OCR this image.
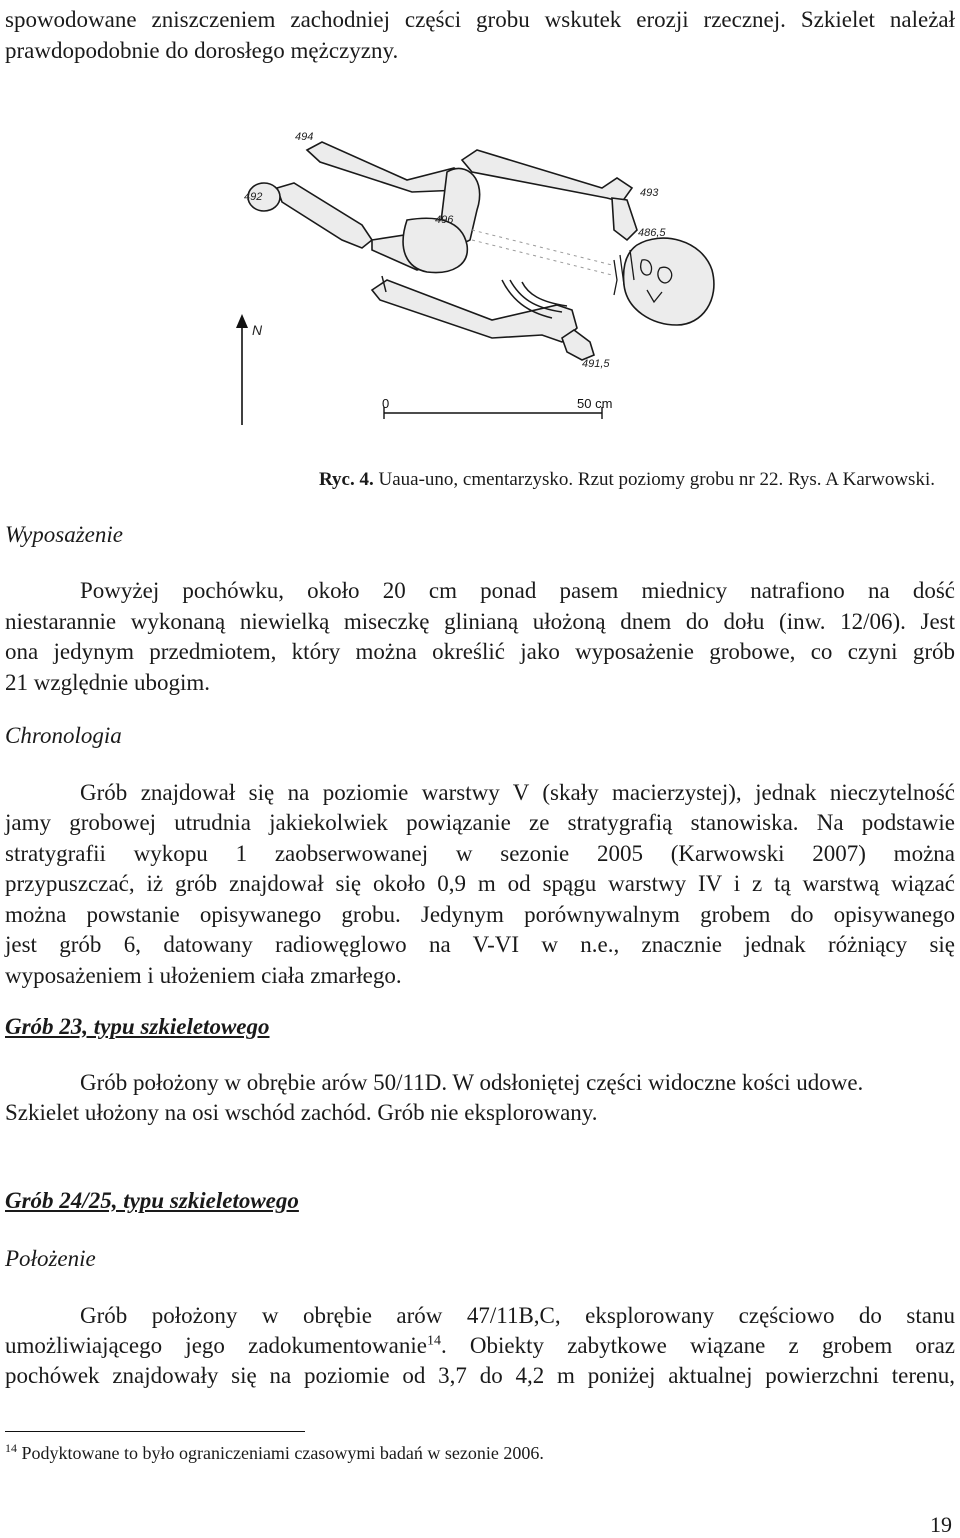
spowodowane zniszczeniem zachodniej części grobu wskutek erozji rzecznej. Szkielet należał
prawdopodobnie do dorosłego mężczyzny.
494
492
496
493
486,5
491,5
N
0	50 cm
Ryc. 4. Uaua-uno, cmentarzysko. Rzut poziomy grobu nr 22. Rys. A Karwowski.
Wyposażenie
Powyżej pochówku, około 20 cm ponad pasem miednicy natrafiono na dość
niestarannie wykonaną niewielką miseczkę glinianą ułożoną dnem do dołu (inw. 12/06). Jest
ona jedynym przedmiotem, który można określić jako wyposażenie grobowe, co czyni grób
21 względnie ubogim.
Chronologia
Grób znajdował się na poziomie warstwy V (skały macierzystej), jednak nieczytelność
jamy grobowej utrudnia jakiekolwiek powiązanie ze stratygrafią stanowiska. Na podstawie
stratygrafii wykopu 1 zaobserwowanej w sezonie 2005 (Karwowski 2007) można
przypuszczać, iż grób znajdował się około 0,9 m od spągu warstwy IV i z tą warstwą wiązać
można powstanie opisywanego grobu. Jedynym porównywalnym grobem do opisywanego
jest grób 6, datowany radiowęglowo na V-VI w n.e., znacznie jednak różniący się
wyposażeniem i ułożeniem ciała zmarłego.
Grób 23, typu szkieletowego
Grób położony w obrębie arów 50/11D. W odsłoniętej części widoczne kości udowe.
Szkielet ułożony na osi wschód zachód. Grób nie eksplorowany.
Grób 24/25, typu szkieletowego
Położenie
Grób położony w obrębie arów 47/11B,C, eksplorowany częściowo do stanu
umożliwiającego jego zadokumentowanie$^{14}$. Obiekty zabytkowe wiązane z grobem oraz
pochówek znajdowały się na poziomie od 3,7 do 4,2 m poniżej aktualnej powierzchni terenu,
$^{14}$ Podyktowane to było ograniczeniami czasowymi badań w sezonie 2006.
19
